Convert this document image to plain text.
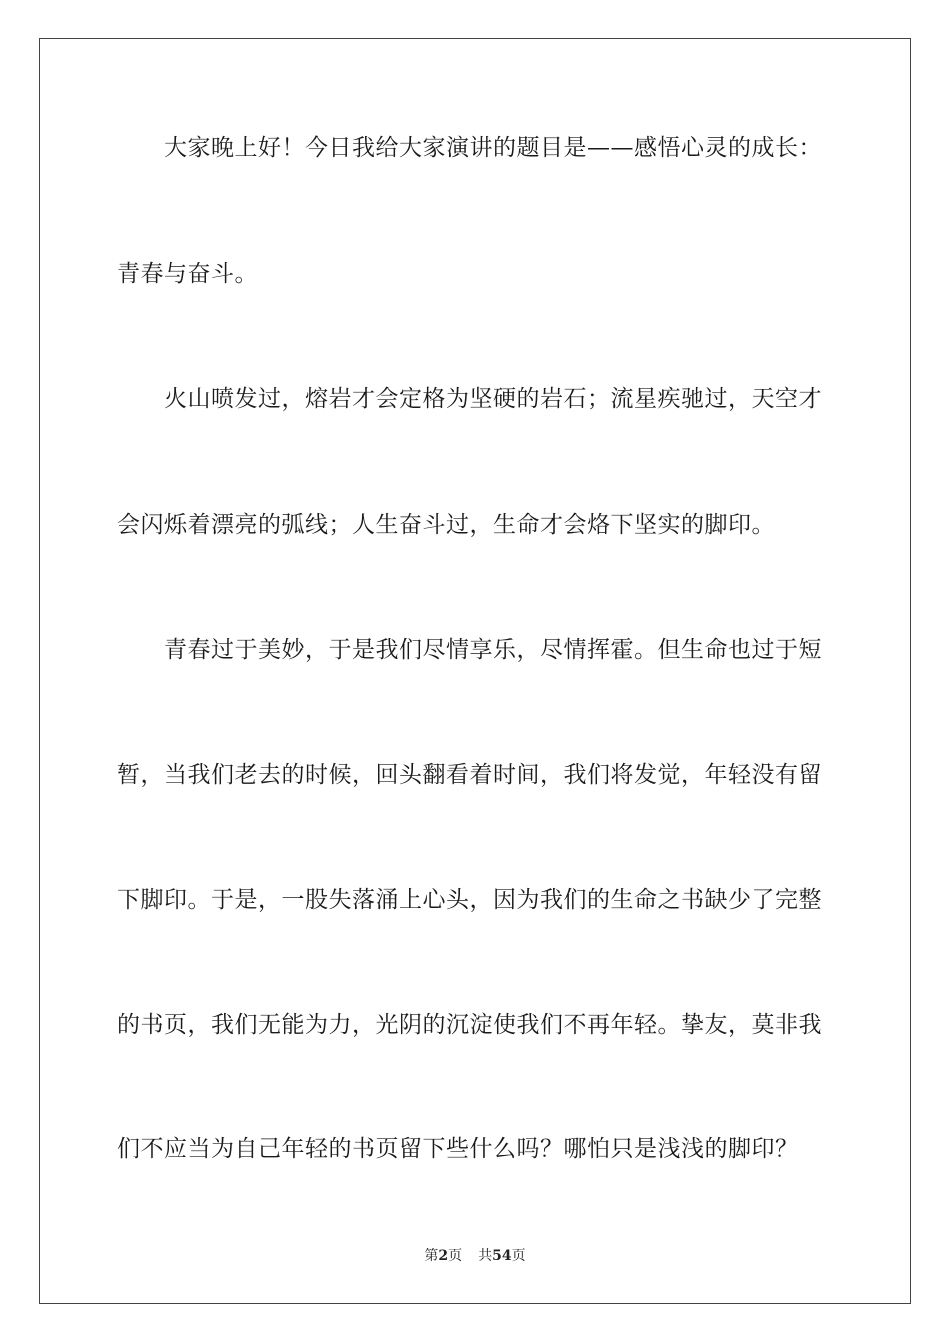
大家晚上好！今日我给大家演讲的题目是——感悟心灵的成长：
青春与奋斗。
火山喷发过，熔岩才会定格为坚硬的岩石；流星疾驰过，天空才
会闪烁着漂亮的弧线；人生奋斗过，生命才会烙下坚实的脚印。
青春过于美妙，于是我们尽情享乐，尽情挥霍。但生命也过于短
暂，当我们老去的时候，回头翻看着时间，我们将发觉，年轻没有留
下脚印。于是，一股失落涌上心头，因为我们的生命之书缺少了完整
的书页，我们无能为力，光阴的沉淀使我们不再年轻。挚友，莫非我
们不应当为自己年轻的书页留下些什么吗？哪怕只是浅浅的脚印？
第2页 共54页
